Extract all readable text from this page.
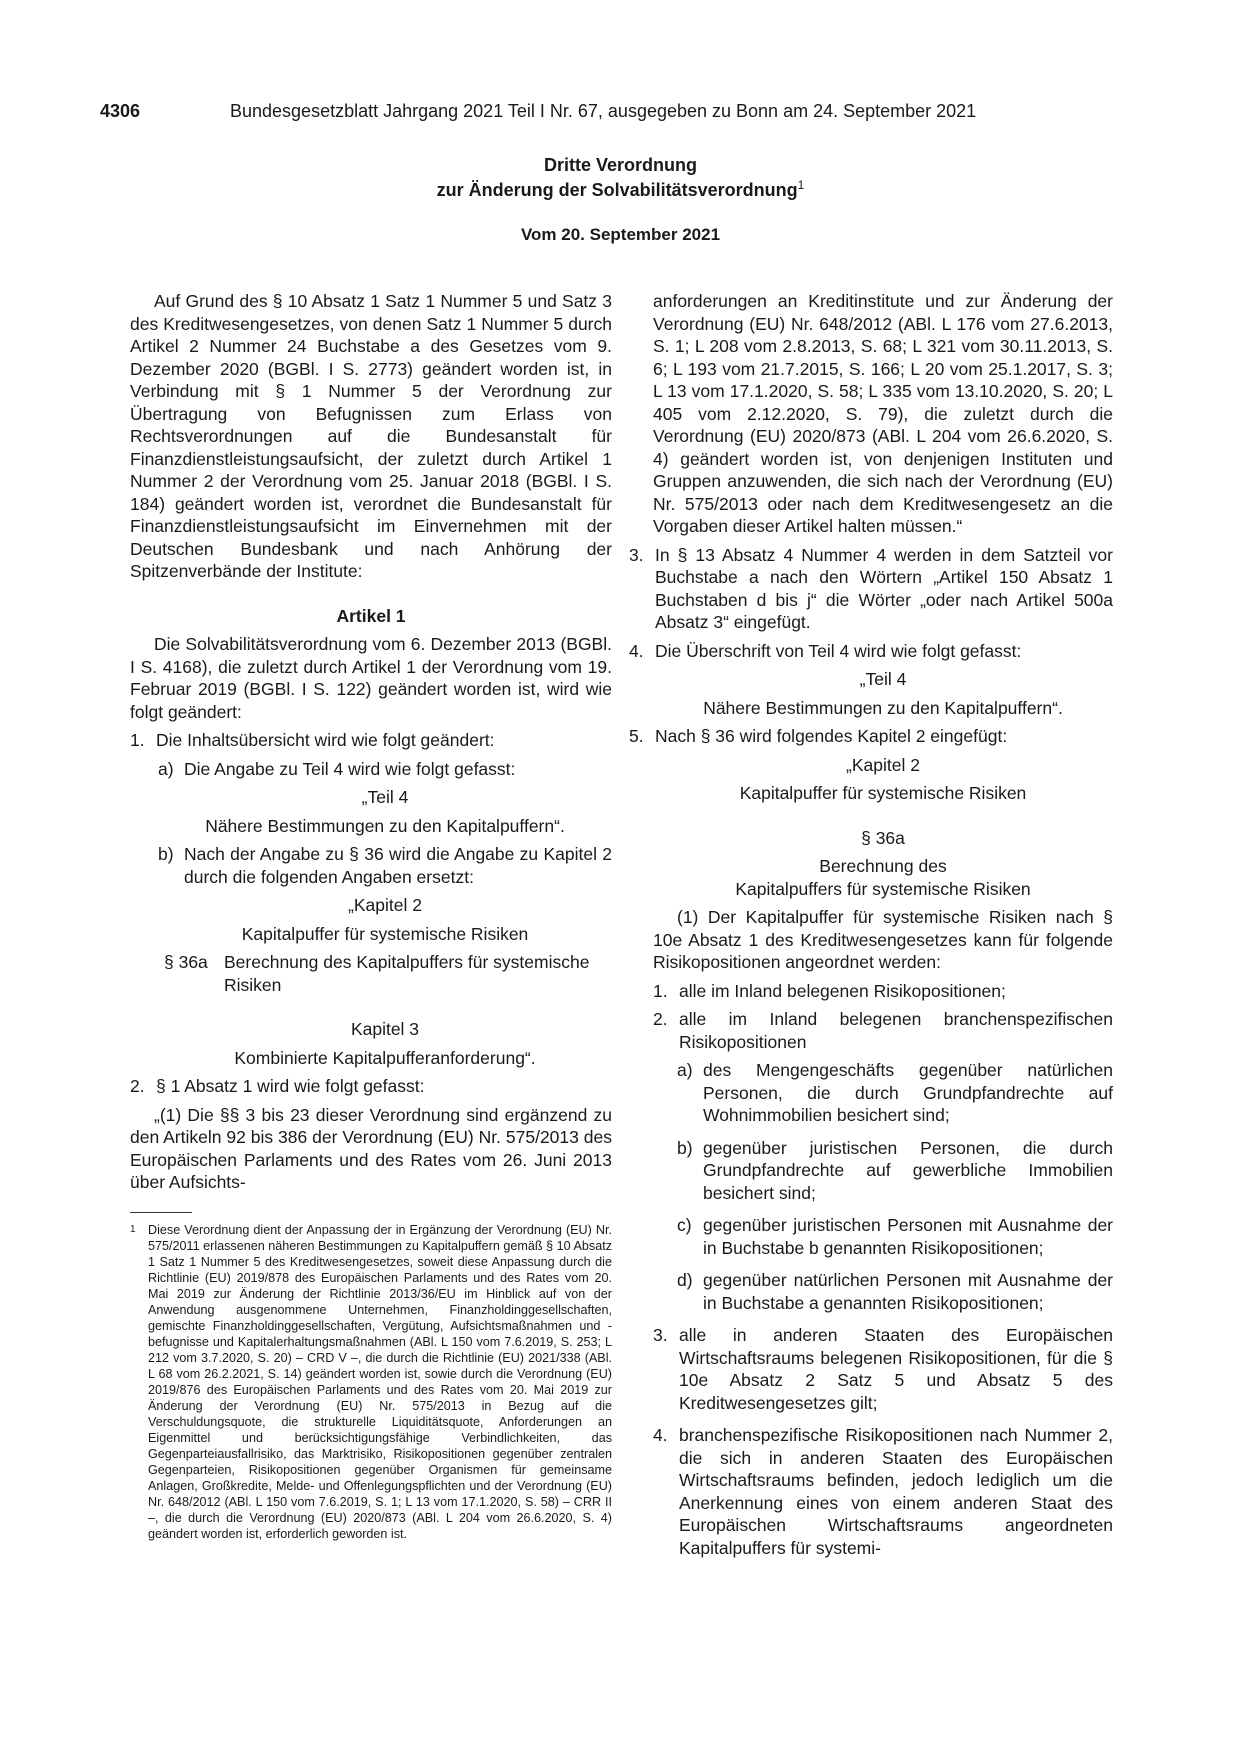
4306	Bundesgesetzblatt Jahrgang 2021 Teil I Nr. 67, ausgegeben zu Bonn am 24. September 2021
Dritte Verordnung
zur Änderung der Solvabilitätsverordnung$^1$
Vom 20. September 2021

Auf Grund des § 10 Absatz 1 Satz 1 Nummer 5 und Satz 3 des Kreditwesengesetzes, von denen Satz 1 Nummer 5 durch Artikel 2 Nummer 24 Buchstabe a des Gesetzes vom 9. Dezember 2020 (BGBl. I S. 2773) geändert worden ist, in Verbindung mit § 1 Nummer 5 der Verordnung zur Übertragung von Befugnissen zum Erlass von Rechtsverordnungen auf die Bundesanstalt für Finanzdienstleistungsaufsicht, der zuletzt durch Artikel 1 Nummer 2 der Verordnung vom 25. Januar 2018 (BGBl. I S. 184) geändert worden ist, verordnet die Bundesanstalt für Finanzdienstleistungsaufsicht im Einvernehmen mit der Deutschen Bundesbank und nach Anhörung der Spitzenverbände der Institute:

Artikel 1

Die Solvabilitätsverordnung vom 6. Dezember 2013 (BGBl. I S. 4168), die zuletzt durch Artikel 1 der Verordnung vom 19. Februar 2019 (BGBl. I S. 122) geändert worden ist, wird wie folgt geändert:

1. Die Inhaltsübersicht wird wie folgt geändert:
a) Die Angabe zu Teil 4 wird wie folgt gefasst:

„Teil 4

Nähere Bestimmungen zu den Kapitalpuffern“.

b) Nach der Angabe zu § 36 wird die Angabe zu Kapitel 2 durch die folgenden Angaben ersetzt:

„Kapitel 2

Kapitalpuffer für systemische Risiken

§ 36a Berechnung des Kapitalpuffers für systemische Risiken

Kapitel 3

Kombinierte Kapitalpufferanforderung“.

2. § 1 Absatz 1 wird wie folgt gefasst:

„(1) Die §§ 3 bis 23 dieser Verordnung sind ergänzend zu den Artikeln 92 bis 386 der Verordnung (EU) Nr. 575/2013 des Europäischen Parlaments und des Rates vom 26. Juni 2013 über Aufsichts-

anforderungen an Kreditinstitute und zur Änderung der Verordnung (EU) Nr. 648/2012 (ABl. L 176 vom 27.6.2013, S. 1; L 208 vom 2.8.2013, S. 68; L 321 vom 30.11.2013, S. 6; L 193 vom 21.7.2015, S. 166; L 20 vom 25.1.2017, S. 3; L 13 vom 17.1.2020, S. 58; L 335 vom 13.10.2020, S. 20; L 405 vom 2.12.2020, S. 79), die zuletzt durch die Verordnung (EU) 2020/873 (ABl. L 204 vom 26.6.2020, S. 4) geändert worden ist, von denjenigen Instituten und Gruppen anzuwenden, die sich nach der Verordnung (EU) Nr. 575/2013 oder nach dem Kreditwesengesetz an die Vorgaben dieser Artikel halten müssen.“

3. In § 13 Absatz 4 Nummer 4 werden in dem Satzteil vor Buchstabe a nach den Wörtern „Artikel 150 Absatz 1 Buchstaben d bis j“ die Wörter „oder nach Artikel 500a Absatz 3“ eingefügt.
4. Die Überschrift von Teil 4 wird wie folgt gefasst:

„Teil 4

Nähere Bestimmungen zu den Kapitalpuffern“.

5. Nach § 36 wird folgendes Kapitel 2 eingefügt:

„Kapitel 2

Kapitalpuffer für systemische Risiken

§ 36a

Berechnung des

Kapitalpuffers für systemische Risiken

(1) Der Kapitalpuffer für systemische Risiken nach § 10e Absatz 1 des Kreditwesengesetzes kann für folgende Risikopositionen angeordnet werden:

1. alle im Inland belegenen Risikopositionen;
2. alle im Inland belegenen branchenspezifischen Risikopositionen
a) des Mengengeschäfts gegenüber natürlichen Personen, die durch Grundpfandrechte auf Wohnimmobilien besichert sind;
b) gegenüber juristischen Personen, die durch Grundpfandrechte auf gewerbliche Immobilien besichert sind;
c) gegenüber juristischen Personen mit Ausnahme der in Buchstabe b genannten Risikopositionen;
d) gegenüber natürlichen Personen mit Ausnahme der in Buchstabe a genannten Risikopositionen;
3. alle in anderen Staaten des Europäischen Wirtschaftsraums belegenen Risikopositionen, für die § 10e Absatz 2 Satz 5 und Absatz 5 des Kreditwesengesetzes gilt;
4. branchenspezifische Risikopositionen nach Nummer 2, die sich in anderen Staaten des Europäischen Wirtschaftsraums befinden, jedoch lediglich um die Anerkennung eines von einem anderen Staat des Europäischen Wirtschaftsraums angeordneten Kapitalpuffers für systemi-
1 Diese Verordnung dient der Anpassung der in Ergänzung der Verordnung (EU) Nr. 575/2011 erlassenen näheren Bestimmungen zu Kapitalpuffern gemäß § 10 Absatz 1 Satz 1 Nummer 5 des Kreditwesengesetzes, soweit diese Anpassung durch die Richtlinie (EU) 2019/878 des Europäischen Parlaments und des Rates vom 20. Mai 2019 zur Änderung der Richtlinie 2013/36/EU im Hinblick auf von der Anwendung ausgenommene Unternehmen, Finanzholdinggesellschaften, gemischte Finanzholdinggesellschaften, Vergütung, Aufsichtsmaßnahmen und -befugnisse und Kapitalerhaltungsmaßnahmen (ABl. L 150 vom 7.6.2019, S. 253; L 212 vom 3.7.2020, S. 20) – CRD V –, die durch die Richtlinie (EU) 2021/338 (ABl. L 68 vom 26.2.2021, S. 14) geändert worden ist, sowie durch die Verordnung (EU) 2019/876 des Europäischen Parlaments und des Rates vom 20. Mai 2019 zur Änderung der Verordnung (EU) Nr. 575/2013 in Bezug auf die Verschuldungsquote, die strukturelle Liquiditätsquote, Anforderungen an Eigenmittel und berücksichtigungsfähige Verbindlichkeiten, das Gegenparteiausfallrisiko, das Marktrisiko, Risikopositionen gegenüber zentralen Gegenparteien, Risikopositionen gegenüber Organismen für gemeinsame Anlagen, Großkredite, Melde- und Offenlegungspflichten und der Verordnung (EU) Nr. 648/2012 (ABl. L 150 vom 7.6.2019, S. 1; L 13 vom 17.1.2020, S. 58) – CRR II –, die durch die Verordnung (EU) 2020/873 (ABl. L 204 vom 26.6.2020, S. 4) geändert worden ist, erforderlich geworden ist.
